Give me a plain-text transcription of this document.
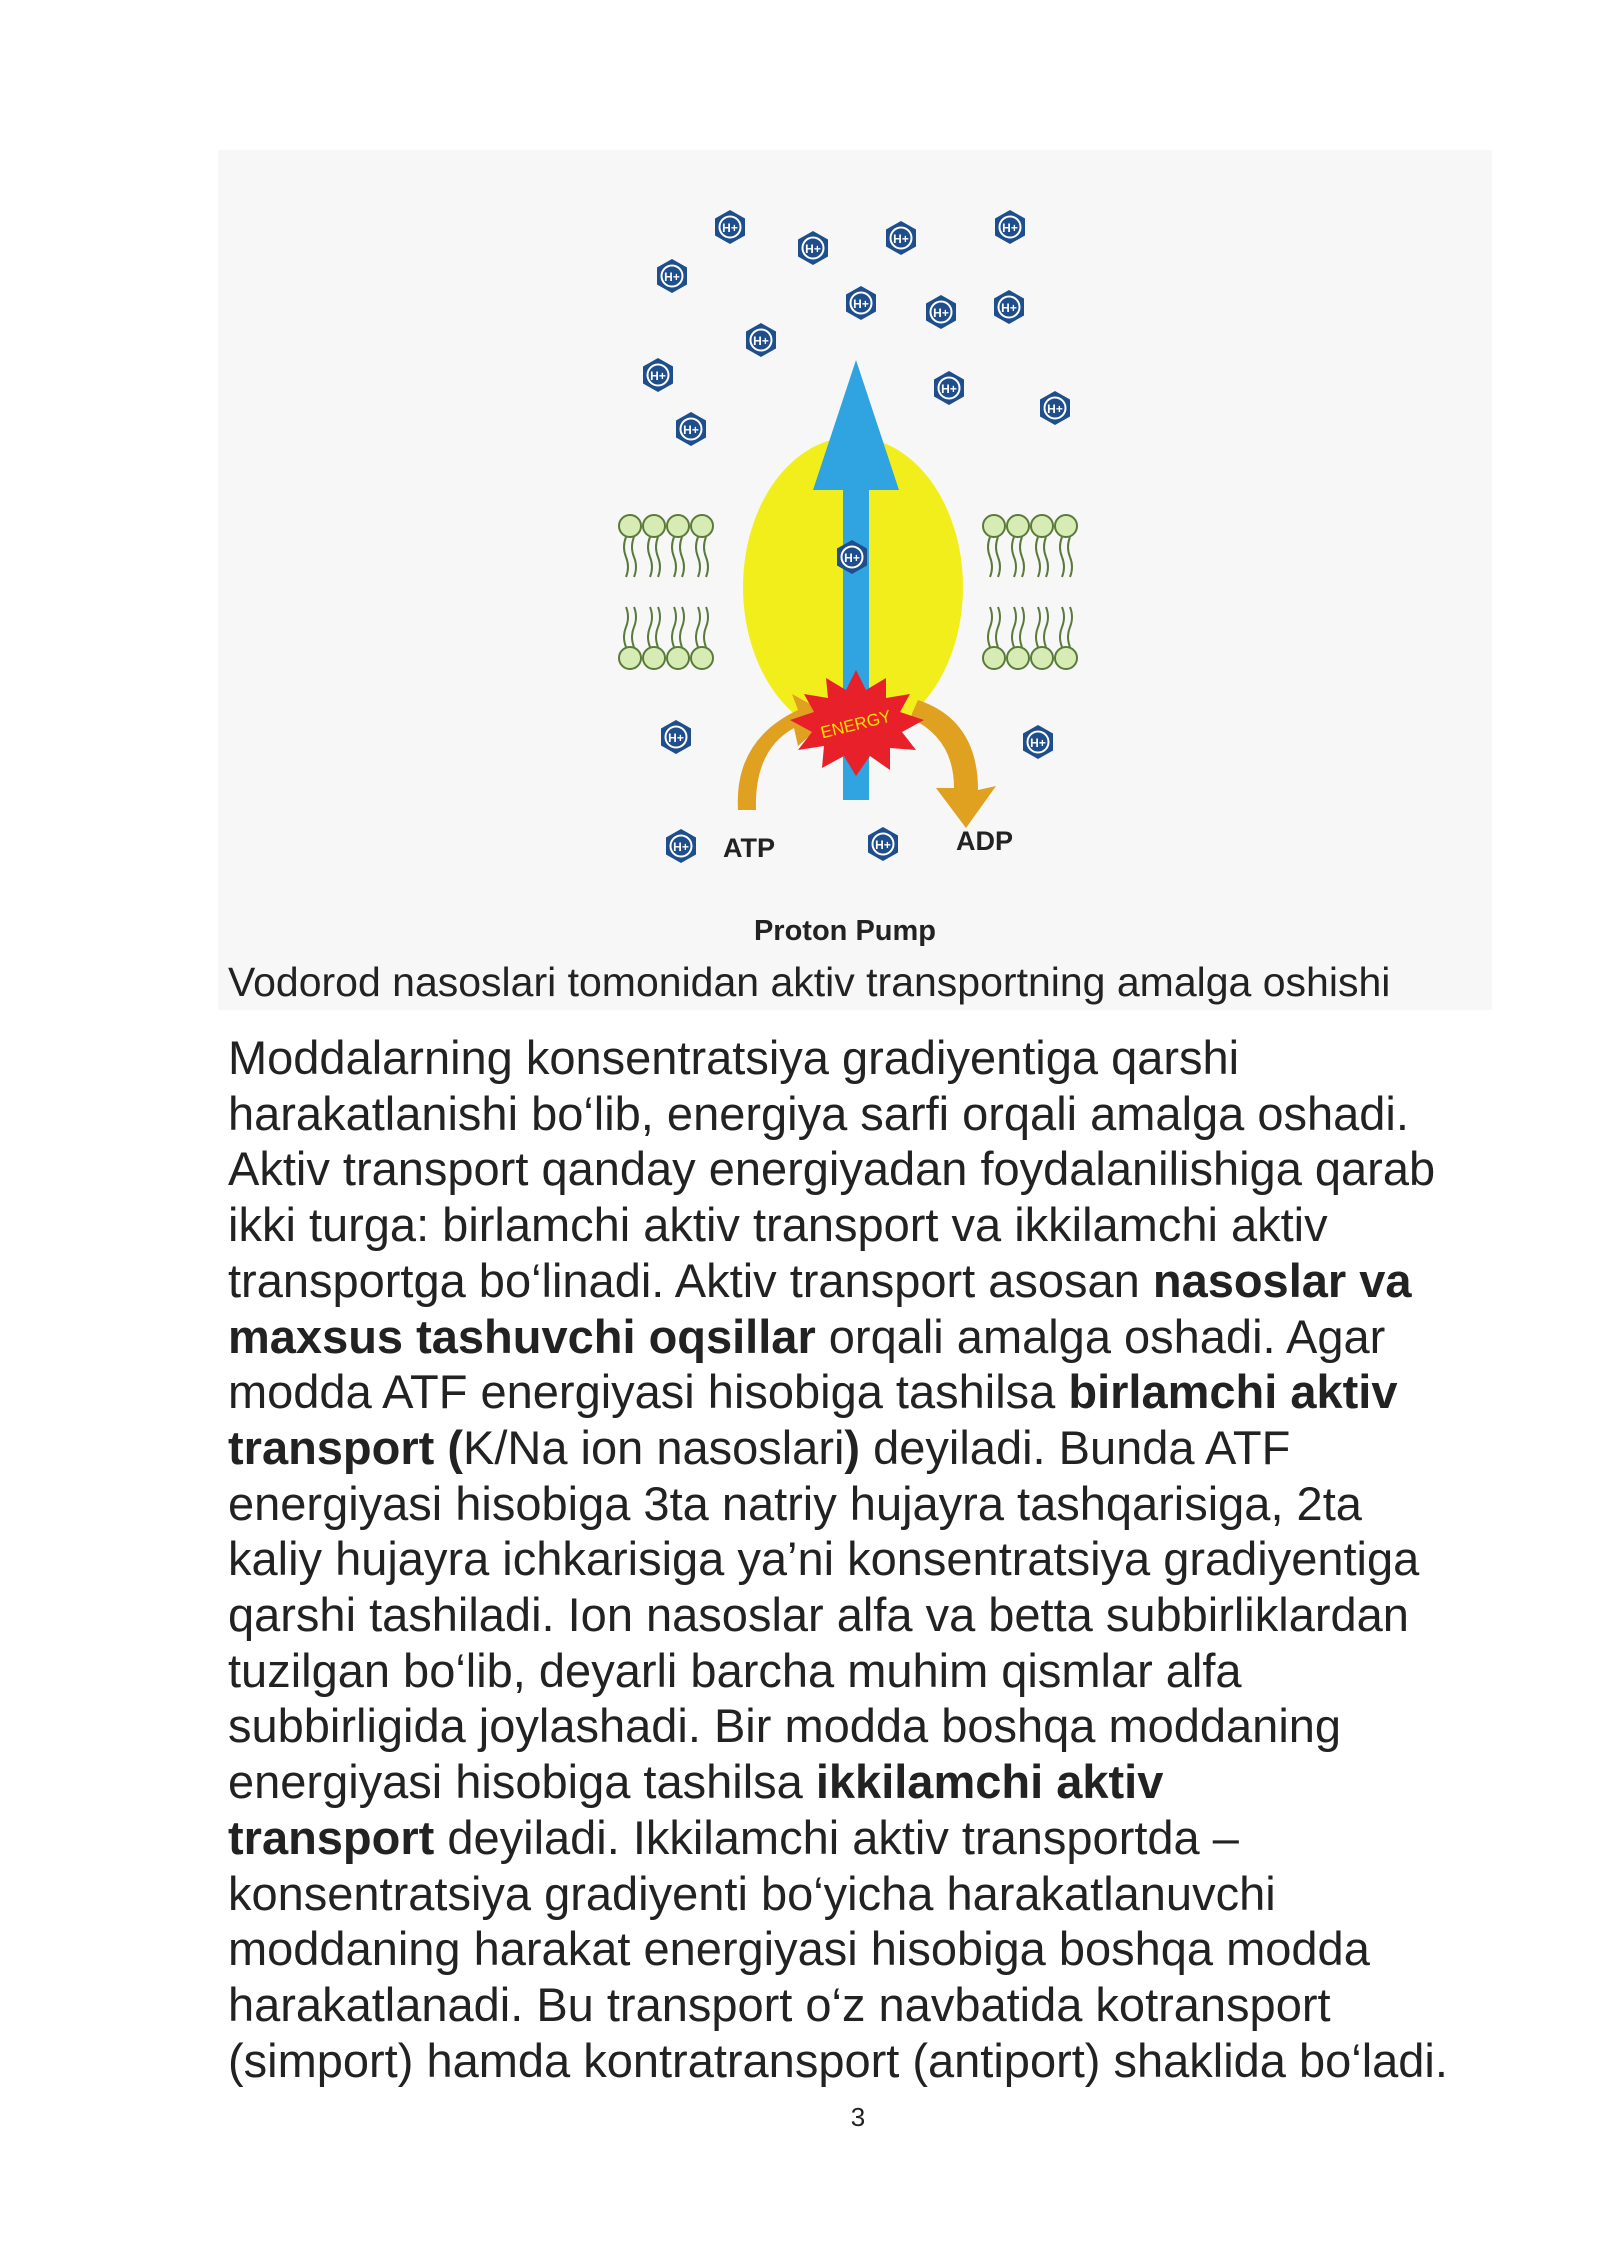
ENERGY
H+
H+
H+
H+
H+
H+
H+	H+
H+
H+
H+
H+
H+
H+
H+	H+
H+	H+
ATP	ADP
Proton Pump
Vodorod nasoslari tomonidan aktiv transportning amalga oshishi
Moddalarning konsentratsiya gradiyentiga qarshi
harakatlanishi bo‘lib, energiya sarfi orqali amalga oshadi.
Aktiv transport qanday energiyadan foydalanilishiga qarab
ikki turga: birlamchi aktiv transport va ikkilamchi aktiv
transportga bo‘linadi. Aktiv transport asosan nasoslar va
maxsus tashuvchi oqsillar orqali amalga oshadi. Agar
modda ATF energiyasi hisobiga tashilsa birlamchi aktiv
transport (K/Na ion nasoslari) deyiladi. Bunda ATF
energiyasi hisobiga 3ta natriy hujayra tashqarisiga, 2ta
kaliy hujayra ichkarisiga ya’ni konsentratsiya gradiyentiga
qarshi tashiladi. Ion nasoslar alfa va betta subbirliklardan
tuzilgan bo‘lib, deyarli barcha muhim qismlar alfa
subbirligida joylashadi. Bir modda boshqa moddaning
energiyasi hisobiga tashilsa ikkilamchi aktiv
transport deyiladi. Ikkilamchi aktiv transportda –
konsentratsiya gradiyenti bo‘yicha harakatlanuvchi
moddaning harakat energiyasi hisobiga boshqa modda
harakatlanadi. Bu transport o‘z navbatida kotransport
(simport) hamda kontratransport (antiport) shaklida bo‘ladi.
3
